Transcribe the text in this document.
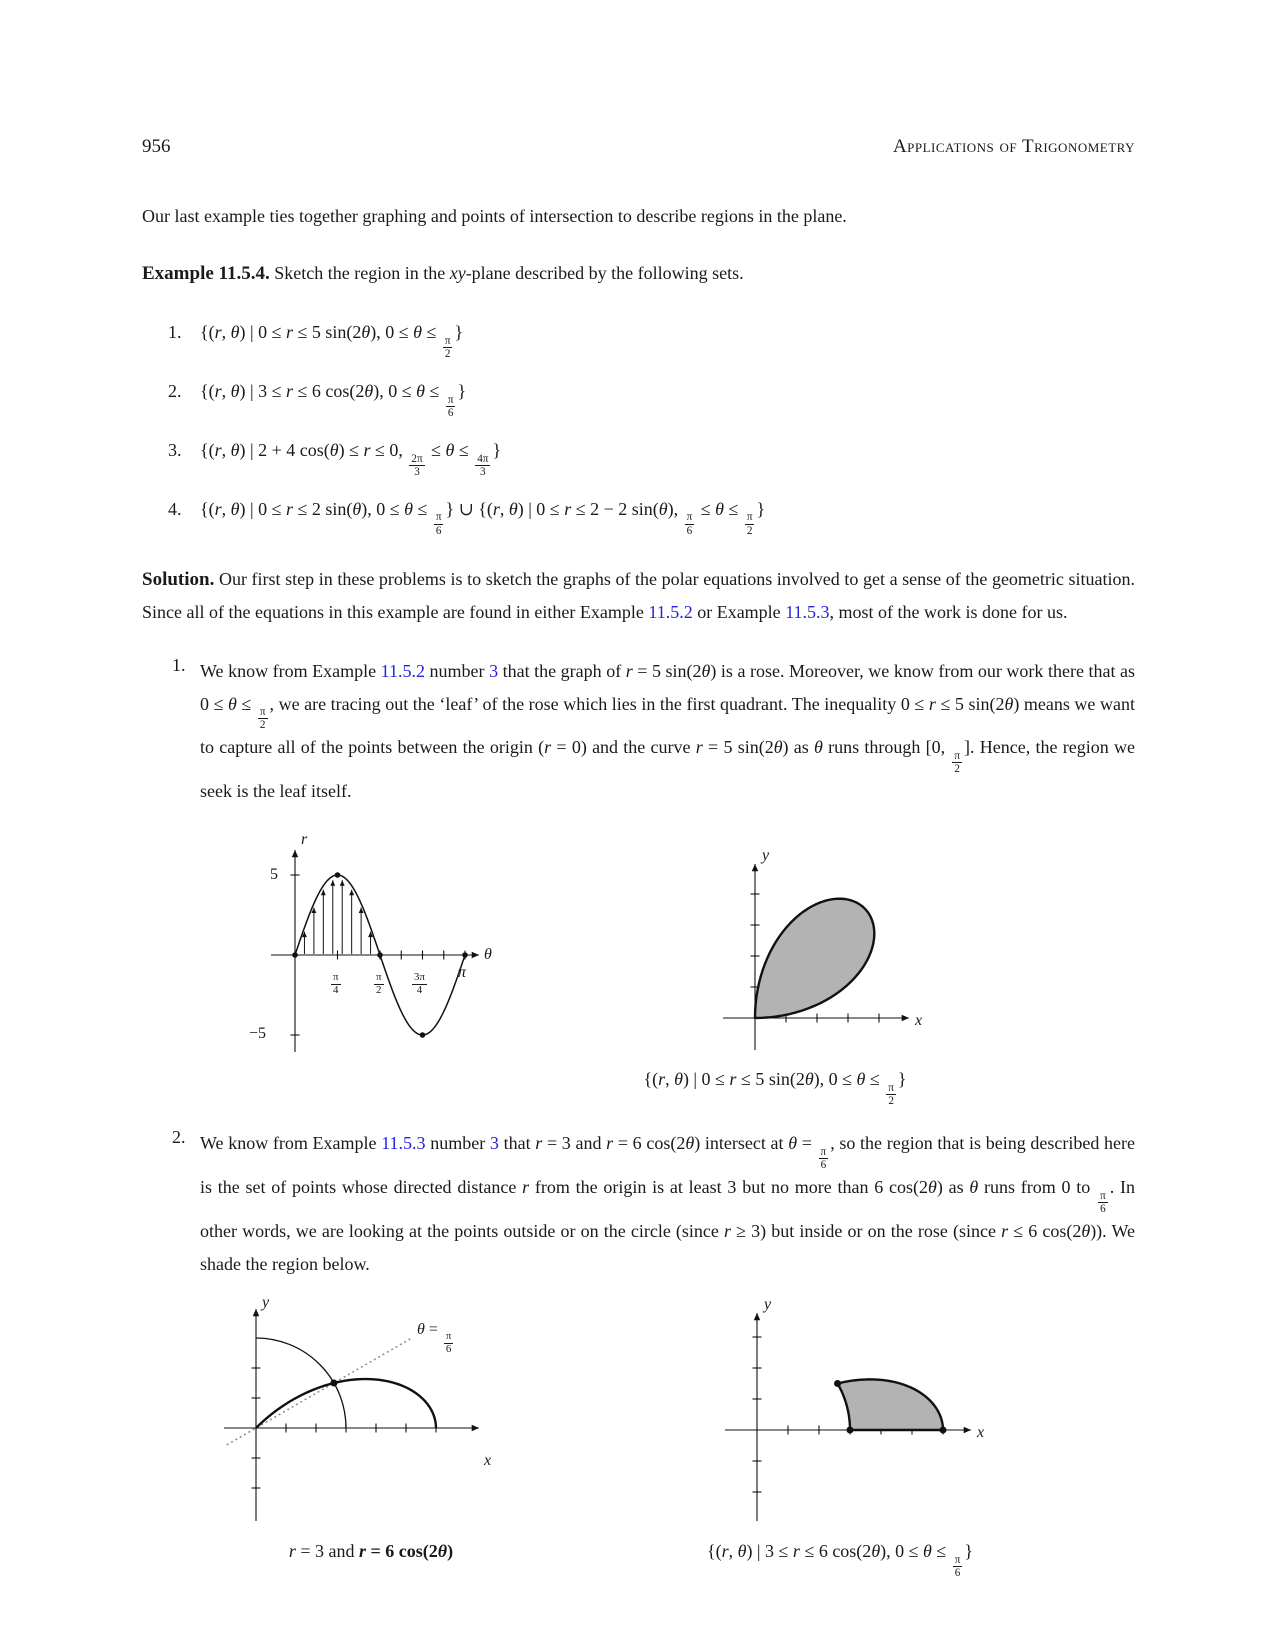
956	Applications of Trigonometry

Our last example ties together graphing and points of intersection to describe regions in the plane.

Example 11.5.4. Sketch the region in the xy-plane described by the following sets.

1.	{(r, θ) | 0 ≤ r ≤ 5 sin(2θ), 0 ≤ θ ≤
$\frac{\pi}{2}$
}
2.	{(r, θ) | 3 ≤ r ≤ 6 cos(2θ), 0 ≤ θ ≤
$\frac{\pi}{6}$
}
3.	{(r, θ) | 2 + 4 cos(θ) ≤ r ≤ 0,
$\frac{2\pi}{3}$
≤ θ ≤
$\frac{4\pi}{3}$
}
4.	{(r, θ) | 0 ≤ r ≤ 2 sin(θ), 0 ≤ θ ≤
$\frac{\pi}{6}$
} ∪ {(r, θ) | 0 ≤ r ≤ 2 − 2 sin(θ),
$\frac{\pi}{6}$
≤ θ ≤
$\frac{\pi}{2}$
}

Solution. Our first step in these problems is to sketch the graphs of the polar equations involved to get a sense of the geometric situation. Since all of the equations in this example are found in either Example 11.5.2 or Example 11.5.3, most of the work is done for us.

1. We know from Example 11.5.2 number 3 that the graph of r = 5 sin(2θ) is a rose. Moreover, we know from our work there that as 0 ≤ θ ≤
$\frac{\pi}{2}$
, we are tracing out the ‘leaf’ of the rose which lies in the first quadrant. The inequality 0 ≤ r ≤ 5 sin(2θ) means we want to capture all of the points between the origin (r = 0) and the curve r = 5 sin(2θ) as θ runs through [0,
$\frac{\pi}{2}$
]. Hence, the region we seek is the leaf itself.
r
θ
5
−5
$\frac{\pi}{4}$	$\frac{\pi}{2}$	$\frac{3\pi}{4}$ π
y
x
{(r, θ) | 0 ≤ r ≤ 5 sin(2θ), 0 ≤ θ ≤
$\frac{\pi}{2}$
}
2. We know from Example 11.5.3 number 3 that r = 3 and r = 6 cos(2θ) intersect at θ =
$\frac{\pi}{6}$
, so the region that is being described here is the set of points whose directed distance r from the origin is at least 3 but no more than 6 cos(2θ) as θ runs from 0 to
$\frac{\pi}{6}$
. In other words, we are looking at the points outside or on the circle (since r ≥ 3) but inside or on the rose (since r ≤ 6 cos(2θ)). We shade the region below.
y
x
θ =
$\frac{\pi}{6}$
r = 3 and r = 6 cos(2θ)
y
x
{(r, θ) | 3 ≤ r ≤ 6 cos(2θ), 0 ≤ θ ≤
$\frac{\pi}{6}$
}
